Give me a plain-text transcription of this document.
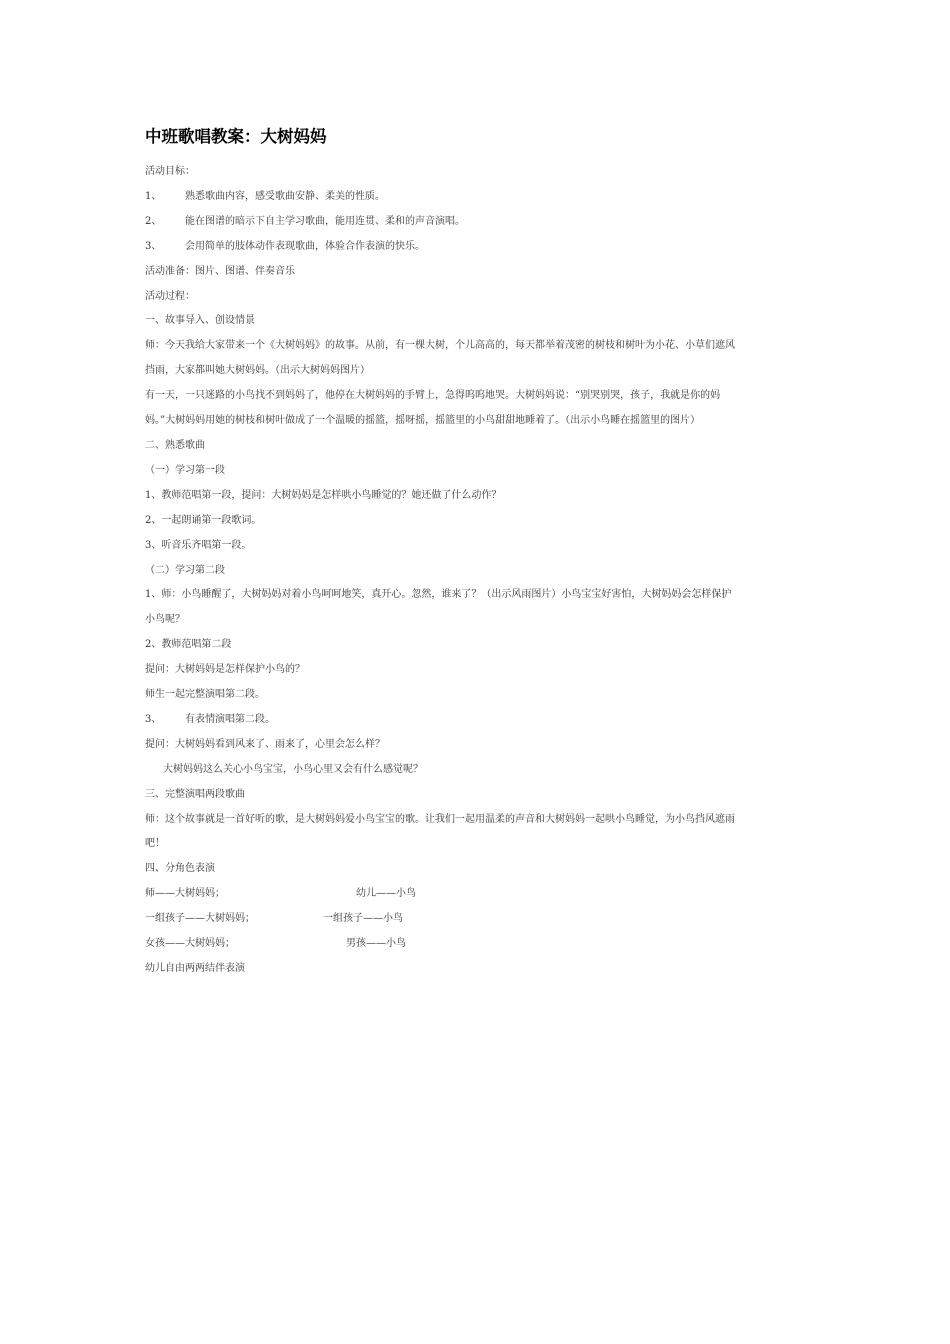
中班歌唱教案：大树妈妈
活动目标：
1、 熟悉歌曲内容，感受歌曲安静、柔美的性质。
2、 能在图谱的暗示下自主学习歌曲，能用连贯、柔和的声音演唱。
3、 会用简单的肢体动作表现歌曲，体验合作表演的快乐。
活动准备：图片、图谱、伴奏音乐
活动过程：
一、故事导入、创设情景
师：今天我给大家带来一个《大树妈妈》的故事。从前，有一棵大树，个儿高高的，每天都举着茂密的树枝和树叶为小花、小草们遮风
挡雨，大家都叫她大树妈妈。（出示大树妈妈图片）
有一天，一只迷路的小鸟找不到妈妈了，他停在大树妈妈的手臂上，急得呜呜地哭。大树妈妈说：“别哭别哭，孩子，我就是你的妈
妈。”大树妈妈用她的树枝和树叶做成了一个温暖的摇篮，摇呀摇，摇篮里的小鸟甜甜地睡着了。（出示小鸟睡在摇篮里的图片）
二、熟悉歌曲
（一）学习第一段
1、教师范唱第一段，提问：大树妈妈是怎样哄小鸟睡觉的？她还做了什么动作？
2、一起朗诵第一段歌词。
3、听音乐齐唱第一段。
（二）学习第二段
1、师：小鸟睡醒了，大树妈妈对着小鸟呵呵地笑，真开心。忽然，谁来了？（出示风雨图片）小鸟宝宝好害怕，大树妈妈会怎样保护
小鸟呢？
2、教师范唱第二段
提问：大树妈妈是怎样保护小鸟的？
师生一起完整演唱第二段。
3、 有表情演唱第二段。
提问：大树妈妈看到风来了、雨来了，心里会怎么样？
大树妈妈这么关心小鸟宝宝，小鸟心里又会有什么感觉呢？
三、完整演唱两段歌曲
师：这个故事就是一首好听的歌，是大树妈妈爱小鸟宝宝的歌。让我们一起用温柔的声音和大树妈妈一起哄小鸟睡觉，为小鸟挡风遮雨
吧！
四、分角色表演
师——大树妈妈；	幼儿——小鸟
一组孩子——大树妈妈；	一组孩子——小鸟
女孩——大树妈妈；	男孩——小鸟
幼儿自由两两结伴表演
